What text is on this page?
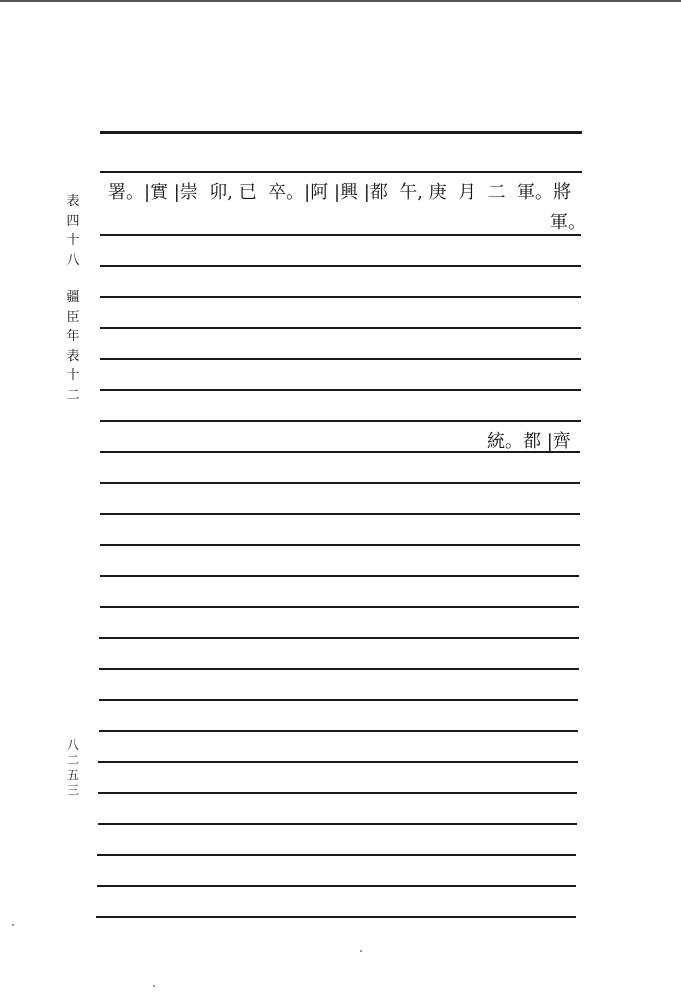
表
四
十
八
疆
臣
年
表
十
二
八
二
五
三
署。|實 |崇  卯, 已  卒。|阿 |興 |都  午, 庚  月  二  軍。將
軍。
統。都 |齊
